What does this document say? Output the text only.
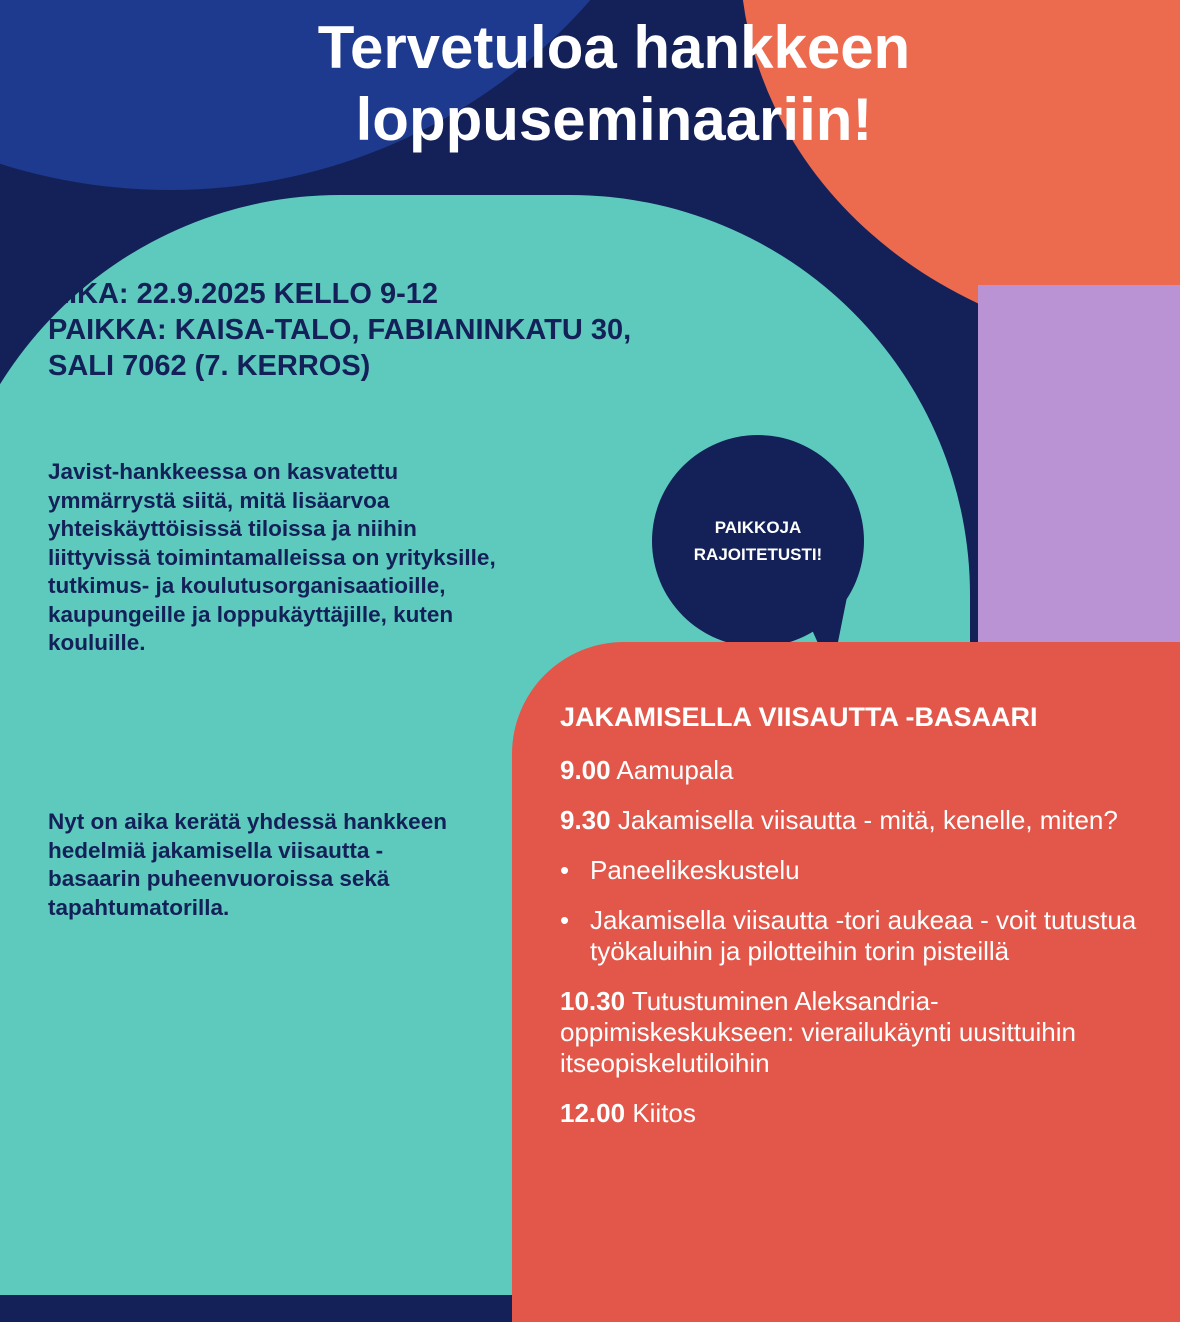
Tervetuloa hankkeen
loppuseminaariin!
AIKA: 22.9.2025 KELLO 9-12
PAIKKA: KAISA-TALO, FABIANINKATU 30,
SALI 7062 (7. KERROS)

Javist-hankkeessa on kasvatettu ymmärrystä siitä, mitä lisäarvoa yhteiskäyttöisissä tiloissa ja niihin liittyvissä toimintamalleissa on yrityksille, tutkimus- ja koulutusorganisaatioille, kaupungeille ja loppukäyttäjille, kuten kouluille.

Nyt on aika kerätä yhdessä hankkeen hedelmiä jakamisella viisautta -basaarin puheenvuoroissa sekä tapahtumatorilla.

PAIKKOJA
RAJOITETUSTI!
JAKAMISELLA VIISAUTTA -BASAARI
9.00 Aamupala
9.30 Jakamisella viisautta - mitä, kenelle, miten?
• Paneelikeskustelu
• Jakamisella viisautta -tori aukeaa - voit tutustua työkaluihin ja pilotteihin torin pisteillä
10.30 Tutustuminen Aleksandria-oppimiskeskukseen: vierailukäynti uusittuihin itseopiskelutiloihin
12.00 Kiitos
